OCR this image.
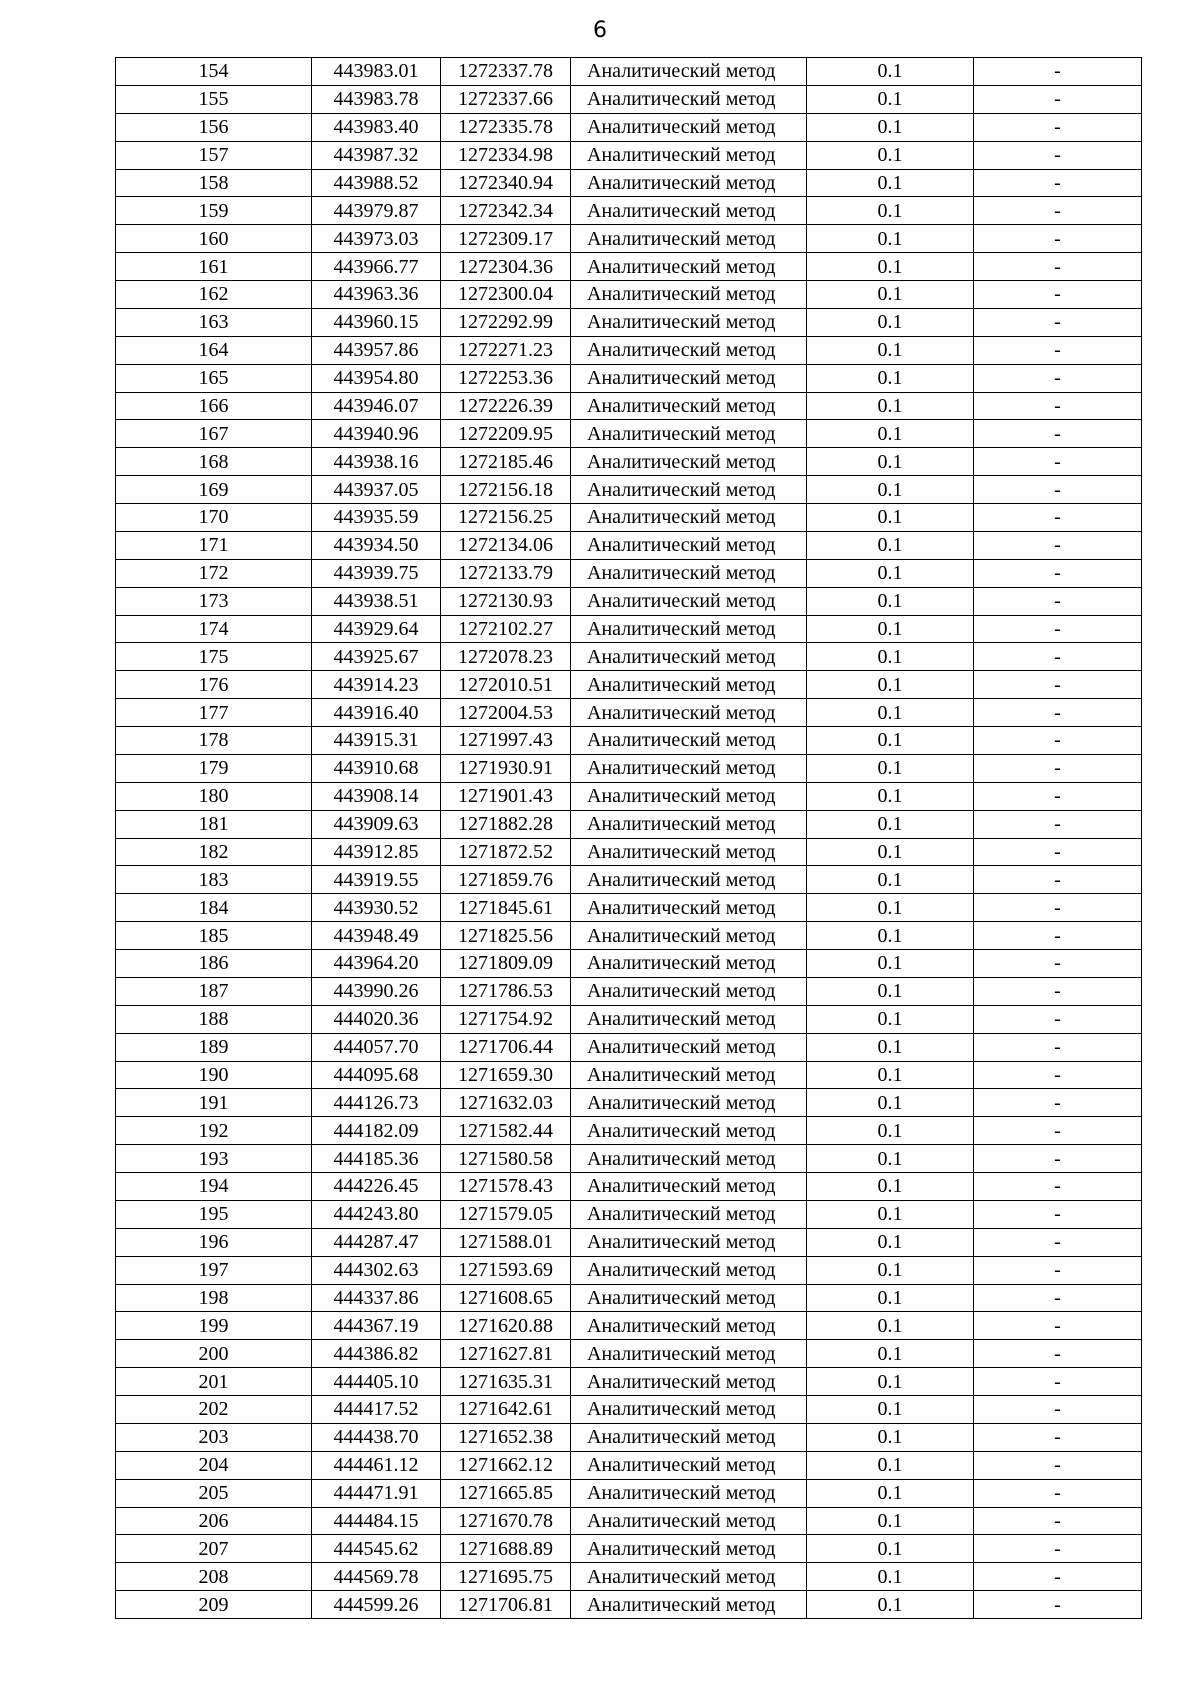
6
154	443983.01	1272337.78	Аналитический метод	0.1	-
155	443983.78	1272337.66	Аналитический метод	0.1	-
156	443983.40	1272335.78	Аналитический метод	0.1	-
157	443987.32	1272334.98	Аналитический метод	0.1	-
158	443988.52	1272340.94	Аналитический метод	0.1	-
159	443979.87	1272342.34	Аналитический метод	0.1	-
160	443973.03	1272309.17	Аналитический метод	0.1	-
161	443966.77	1272304.36	Аналитический метод	0.1	-
162	443963.36	1272300.04	Аналитический метод	0.1	-
163	443960.15	1272292.99	Аналитический метод	0.1	-
164	443957.86	1272271.23	Аналитический метод	0.1	-
165	443954.80	1272253.36	Аналитический метод	0.1	-
166	443946.07	1272226.39	Аналитический метод	0.1	-
167	443940.96	1272209.95	Аналитический метод	0.1	-
168	443938.16	1272185.46	Аналитический метод	0.1	-
169	443937.05	1272156.18	Аналитический метод	0.1	-
170	443935.59	1272156.25	Аналитический метод	0.1	-
171	443934.50	1272134.06	Аналитический метод	0.1	-
172	443939.75	1272133.79	Аналитический метод	0.1	-
173	443938.51	1272130.93	Аналитический метод	0.1	-
174	443929.64	1272102.27	Аналитический метод	0.1	-
175	443925.67	1272078.23	Аналитический метод	0.1	-
176	443914.23	1272010.51	Аналитический метод	0.1	-
177	443916.40	1272004.53	Аналитический метод	0.1	-
178	443915.31	1271997.43	Аналитический метод	0.1	-
179	443910.68	1271930.91	Аналитический метод	0.1	-
180	443908.14	1271901.43	Аналитический метод	0.1	-
181	443909.63	1271882.28	Аналитический метод	0.1	-
182	443912.85	1271872.52	Аналитический метод	0.1	-
183	443919.55	1271859.76	Аналитический метод	0.1	-
184	443930.52	1271845.61	Аналитический метод	0.1	-
185	443948.49	1271825.56	Аналитический метод	0.1	-
186	443964.20	1271809.09	Аналитический метод	0.1	-
187	443990.26	1271786.53	Аналитический метод	0.1	-
188	444020.36	1271754.92	Аналитический метод	0.1	-
189	444057.70	1271706.44	Аналитический метод	0.1	-
190	444095.68	1271659.30	Аналитический метод	0.1	-
191	444126.73	1271632.03	Аналитический метод	0.1	-
192	444182.09	1271582.44	Аналитический метод	0.1	-
193	444185.36	1271580.58	Аналитический метод	0.1	-
194	444226.45	1271578.43	Аналитический метод	0.1	-
195	444243.80	1271579.05	Аналитический метод	0.1	-
196	444287.47	1271588.01	Аналитический метод	0.1	-
197	444302.63	1271593.69	Аналитический метод	0.1	-
198	444337.86	1271608.65	Аналитический метод	0.1	-
199	444367.19	1271620.88	Аналитический метод	0.1	-
200	444386.82	1271627.81	Аналитический метод	0.1	-
201	444405.10	1271635.31	Аналитический метод	0.1	-
202	444417.52	1271642.61	Аналитический метод	0.1	-
203	444438.70	1271652.38	Аналитический метод	0.1	-
204	444461.12	1271662.12	Аналитический метод	0.1	-
205	444471.91	1271665.85	Аналитический метод	0.1	-
206	444484.15	1271670.78	Аналитический метод	0.1	-
207	444545.62	1271688.89	Аналитический метод	0.1	-
208	444569.78	1271695.75	Аналитический метод	0.1	-
209	444599.26	1271706.81	Аналитический метод	0.1	-
